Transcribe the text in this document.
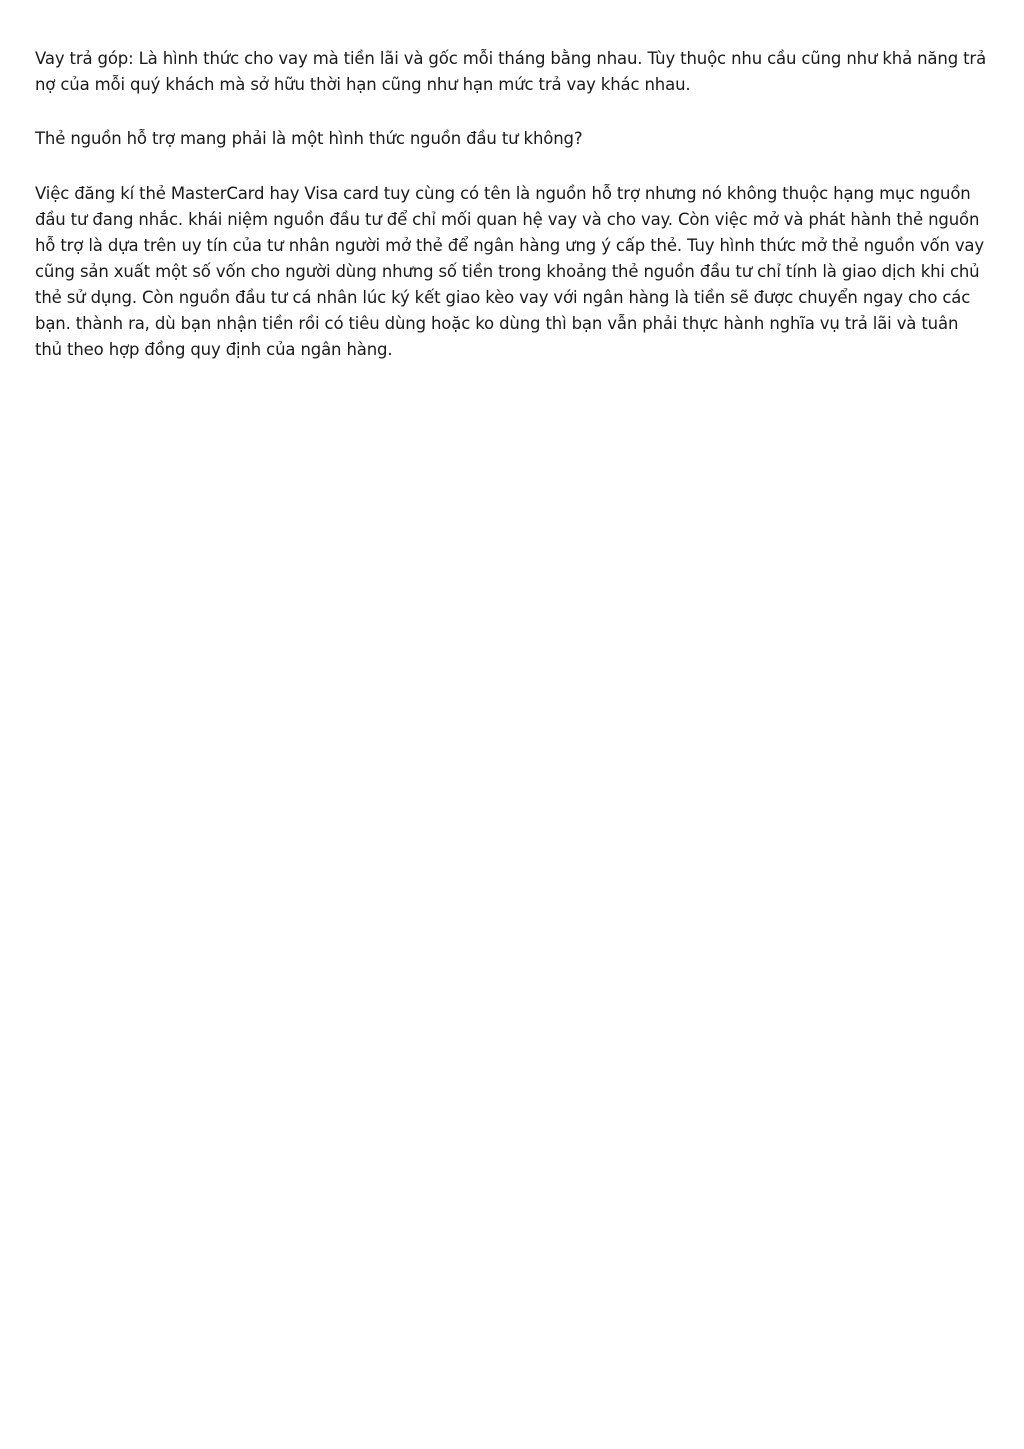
Vay trả góp: Là hình thức cho vay mà tiền lãi và gốc mỗi tháng bằng nhau. Tùy thuộc nhu cầu cũng như khả năng trả nợ của mỗi quý khách mà sở hữu thời hạn cũng như hạn mức trả vay khác nhau.

Thẻ nguồn hỗ trợ mang phải là một hình thức nguồn đầu tư không?

Việc đăng kí thẻ MasterCard hay Visa card tuy cùng có tên là nguồn hỗ trợ nhưng nó không thuộc hạng mục nguồn đầu tư đang nhắc. khái niệm nguồn đầu tư để chỉ mối quan hệ vay và cho vay. Còn việc mở và phát hành thẻ nguồn hỗ trợ là dựa trên uy tín của tư nhân người mở thẻ để ngân hàng ưng ý cấp thẻ. Tuy hình thức mở thẻ nguồn vốn vay cũng sản xuất một số vốn cho người dùng nhưng số tiền trong khoảng thẻ nguồn đầu tư chỉ tính là giao dịch khi chủ thẻ sử dụng. Còn nguồn đầu tư cá nhân lúc ký kết giao kèo vay với ngân hàng là tiền sẽ được chuyển ngay cho các bạn. thành ra, dù bạn nhận tiền rồi có tiêu dùng hoặc ko dùng thì bạn vẫn phải thực hành nghĩa vụ trả lãi và tuân thủ theo hợp đồng quy định của ngân hàng.
